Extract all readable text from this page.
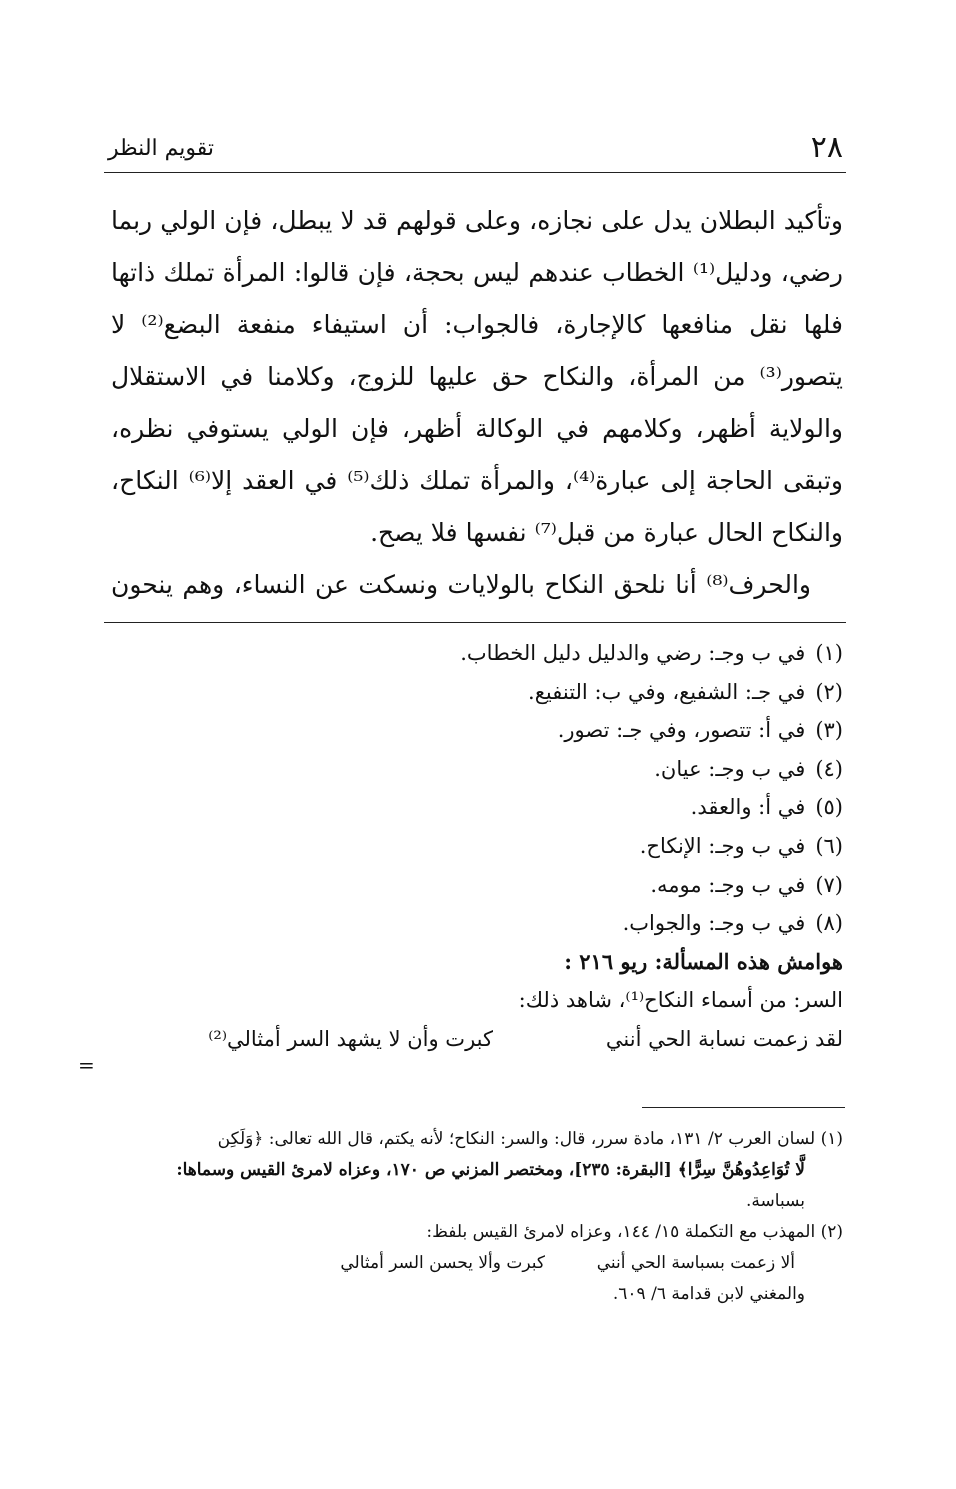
٢٨
تقويم النظر
وتأكيد البطلان يدل على نجازه، وعلى قولهم قد لا يبطل، فإن الولي ربما
رضي، ودليل⁽¹⁾ الخطاب عندهم ليس بحجة، فإن قالوا: المرأة تملك ذاتها
فلها نقل منافعها كالإجارة، فالجواب: أن استيفاء منفعة البضع⁽²⁾ لا
يتصور⁽³⁾ من المرأة، والنكاح حق عليها للزوج، وكلامنا في الاستقلال
والولاية أظهر، وكلامهم في الوكالة أظهر، فإن الولي يستوفي نظره،
وتبقى الحاجة إلى عبارة⁽⁴⁾، والمرأة تملك ذلك⁽⁵⁾ في العقد إلا⁽⁶⁾ النكاح،
والنكاح الحال عبارة من قبل⁽⁷⁾ نفسها فلا يصح.
والحرف⁽⁸⁾ أنا نلحق النكاح بالولايات ونسكت عن النساء، وهم ينحون
(١)في ب وجـ: رضي والدليل دليل الخطاب.
(٢)في جـ: الشفيع، وفي ب: التنفيع.
(٣)في أ: تتصور، وفي جـ: تصور.
(٤)في ب وجـ: عيان.
(٥)في أ: والعقد.
(٦)في ب وجـ: الإنكاح.
(٧)في ب وجـ: مومه.
(٨)في ب وجـ: والجواب.
هوامش هذه المسألة: ريو ٢١٦ :
السر: من أسماء النكاح⁽¹⁾، شاهد ذلك:
لقد زعمت نسابة الحي أنني
كبرت وأن لا يشهد السر أمثالي⁽²⁾
=
(١) لسان العرب ٢/ ١٣١، مادة سرر، قال: والسر: النكاح؛ لأنه يكتم، قال الله تعالى: ﴿وَلَكِن
لَّا تُوَاعِدُوهُنَّ سِرًّا﴾ [البقرة: ٢٣٥]، ومختصر المزني ص ١٧٠، وعزاه لامرئ القيس وسماها:
بسباسة.
(٢) المهذب مع التكملة ١٥/ ١٤٤، وعزاه لامرئ القيس بلفظ:
ألا زعمت بسباسة الحي أنني
كبرت وألا يحسن السر أمثالي
والمغني لابن قدامة ٦/ ٦٠٩.
